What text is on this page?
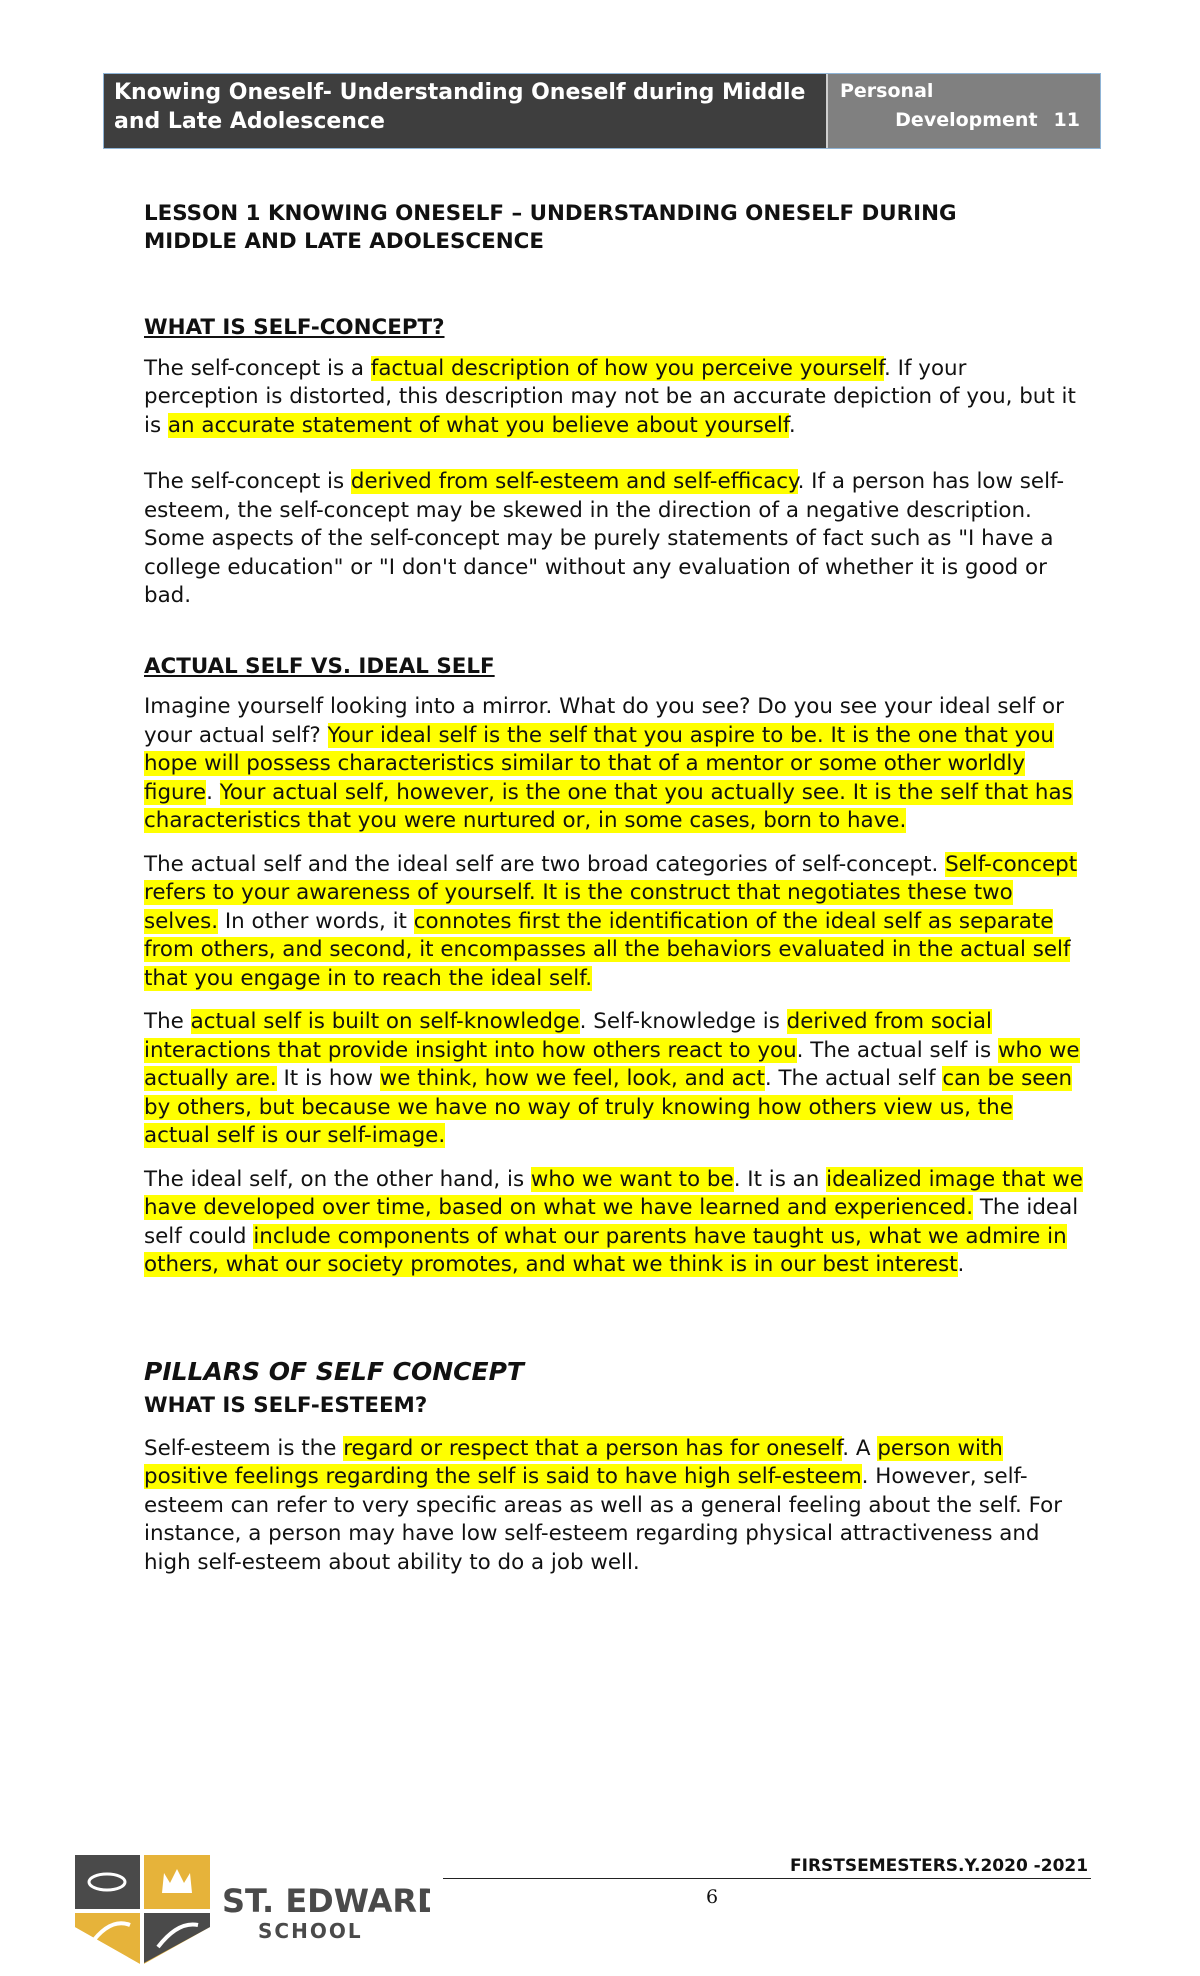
Knowing Oneself- Understanding Oneself during Middle
and Late Adolescence
Personal
Development 11
LESSON 1 KNOWING ONESELF – UNDERSTANDING ONESELF DURING
MIDDLE AND LATE ADOLESCENCE

WHAT IS SELF-CONCEPT?

The self-concept is a factual description of how you perceive yourself. If your perception is distorted, this description may not be an accurate depiction of you, but it is an accurate statement of what you believe about yourself.

The self-concept is derived from self-esteem and self-efficacy. If a person has low self-esteem, the self-concept may be skewed in the direction of a negative description. Some aspects of the self-concept may be purely statements of fact such as "I have a college education" or "I don't dance" without any evaluation of whether it is good or bad.

ACTUAL SELF VS. IDEAL SELF

Imagine yourself looking into a mirror. What do you see? Do you see your ideal self or your actual self? Your ideal self is the self that you aspire to be. It is the one that you hope will possess characteristics similar to that of a mentor or some other worldly figure. Your actual self, however, is the one that you actually see. It is the self that has characteristics that you were nurtured or, in some cases, born to have.

The actual self and the ideal self are two broad categories of self-concept. Self-concept refers to your awareness of yourself. It is the construct that negotiates these two selves. In other words, it connotes first the identification of the ideal self as separate from others, and second, it encompasses all the behaviors evaluated in the actual self that you engage in to reach the ideal self.

The actual self is built on self-knowledge. Self-knowledge is derived from social interactions that provide insight into how others react to you. The actual self is who we actually are. It is how we think, how we feel, look, and act. The actual self can be seen by others, but because we have no way of truly knowing how others view us, the actual self is our self-image.

The ideal self, on the other hand, is who we want to be. It is an idealized image that we have developed over time, based on what we have learned and experienced. The ideal self could include components of what our parents have taught us, what we admire in others, what our society promotes, and what we think is in our best interest.

PILLARS OF SELF CONCEPT

WHAT IS SELF-ESTEEM?

Self-esteem is the regard or respect that a person has for oneself. A person with positive feelings regarding the self is said to have high self-esteem. However, self-esteem can refer to very specific areas as well as a general feeling about the self. For instance, a person may have low self-esteem regarding physical attractiveness and high self-esteem about ability to do a job well.

ST. EDWARD
SCHOOL
FIRSTSEMESTERS.Y.2020 -2021
6
